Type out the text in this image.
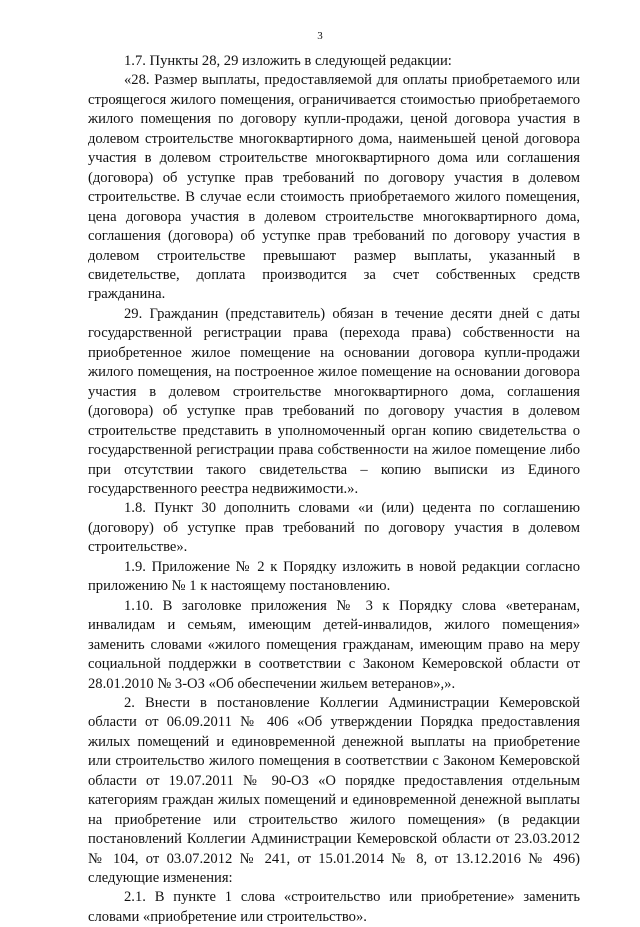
3

1.7. Пункты 28, 29 изложить в следующей редакции:

«28. Размер выплаты, предоставляемой для оплаты приобретаемого или строящегося жилого помещения, ограничивается стоимостью приобретаемого жилого помещения по договору купли-продажи, ценой договора участия в долевом строительстве многоквартирного дома, наименьшей ценой договора участия в долевом строительстве многоквартирного дома или соглашения (договора) об уступке прав требований по договору участия в долевом строительстве. В случае если стоимость приобретаемого жилого помещения, цена договора участия в долевом строительстве многоквартирного дома, соглашения (договора) об уступке прав требований по договору участия в долевом строительстве превышают размер выплаты, указанный в свидетельстве, доплата производится за счет собственных средств гражданина.

29. Гражданин (представитель) обязан в течение десяти дней с даты государственной регистрации права (перехода права) собственности на приобретенное жилое помещение на основании договора купли-продажи жилого помещения, на построенное жилое помещение на основании договора участия в долевом строительстве многоквартирного дома, соглашения (договора) об уступке прав требований по договору участия в долевом строительстве представить в уполномоченный орган копию свидетельства о государственной регистрации права собственности на жилое помещение либо при отсутствии такого свидетельства – копию выписки из Единого государственного реестра недвижимости.».

1.8. Пункт 30 дополнить словами «и (или) цедента по соглашению (договору) об уступке прав требований по договору участия в долевом строительстве».

1.9. Приложение № 2 к Порядку изложить в новой редакции согласно приложению № 1 к настоящему постановлению.

1.10. В заголовке приложения № 3 к Порядку слова «ветеранам, инвалидам и семьям, имеющим детей-инвалидов, жилого помещения» заменить словами «жилого помещения гражданам, имеющим право на меру социальной поддержки в соответствии с Законом Кемеровской области от 28.01.2010 № 3-ОЗ «Об обеспечении жильем ветеранов»,».

2. Внести в постановление Коллегии Администрации Кемеровской области от 06.09.2011 № 406 «Об утверждении Порядка предоставления жилых помещений и единовременной денежной выплаты на приобретение или строительство жилого помещения в соответствии с Законом Кемеровской области от 19.07.2011 № 90-ОЗ «О порядке предоставления отдельным категориям граждан жилых помещений и единовременной денежной выплаты на приобретение или строительство жилого помещения» (в редакции постановлений Коллегии Администрации Кемеровской области от 23.03.2012 № 104, от 03.07.2012 № 241, от 15.01.2014 № 8, от 13.12.2016 № 496) следующие изменения:

2.1. В пункте 1 слова «строительство или приобретение» заменить словами «приобретение или строительство».
